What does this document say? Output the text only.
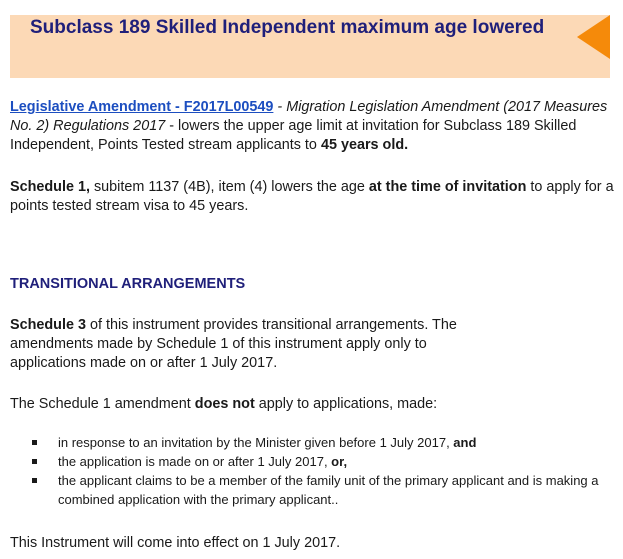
Subclass 189 Skilled Independent maximum age lowered
Legislative Amendment - F2017L00549 - Migration Legislation Amendment (2017 Measures No. 2) Regulations 2017 - lowers the upper age limit at invitation for Subclass 189 Skilled Independent, Points Tested stream applicants to 45 years old.
Schedule 1, subitem 1137 (4B), item (4) lowers the age at the time of invitation to apply for a points tested stream visa to 45 years.
TRANSITIONAL ARRANGEMENTS
Schedule 3 of this instrument provides transitional arrangements. The
amendments made by Schedule 1 of this instrument apply only to
applications made on or after 1 July 2017.
The Schedule 1 amendment does not apply to applications, made:
in response to an invitation by the Minister given before 1 July 2017, and
the application is made on or after 1 July 2017, or,
the applicant claims to be a member of the family unit of the primary applicant and is making a combined application with the primary applicant..
This Instrument will come into effect on 1 July 2017.
